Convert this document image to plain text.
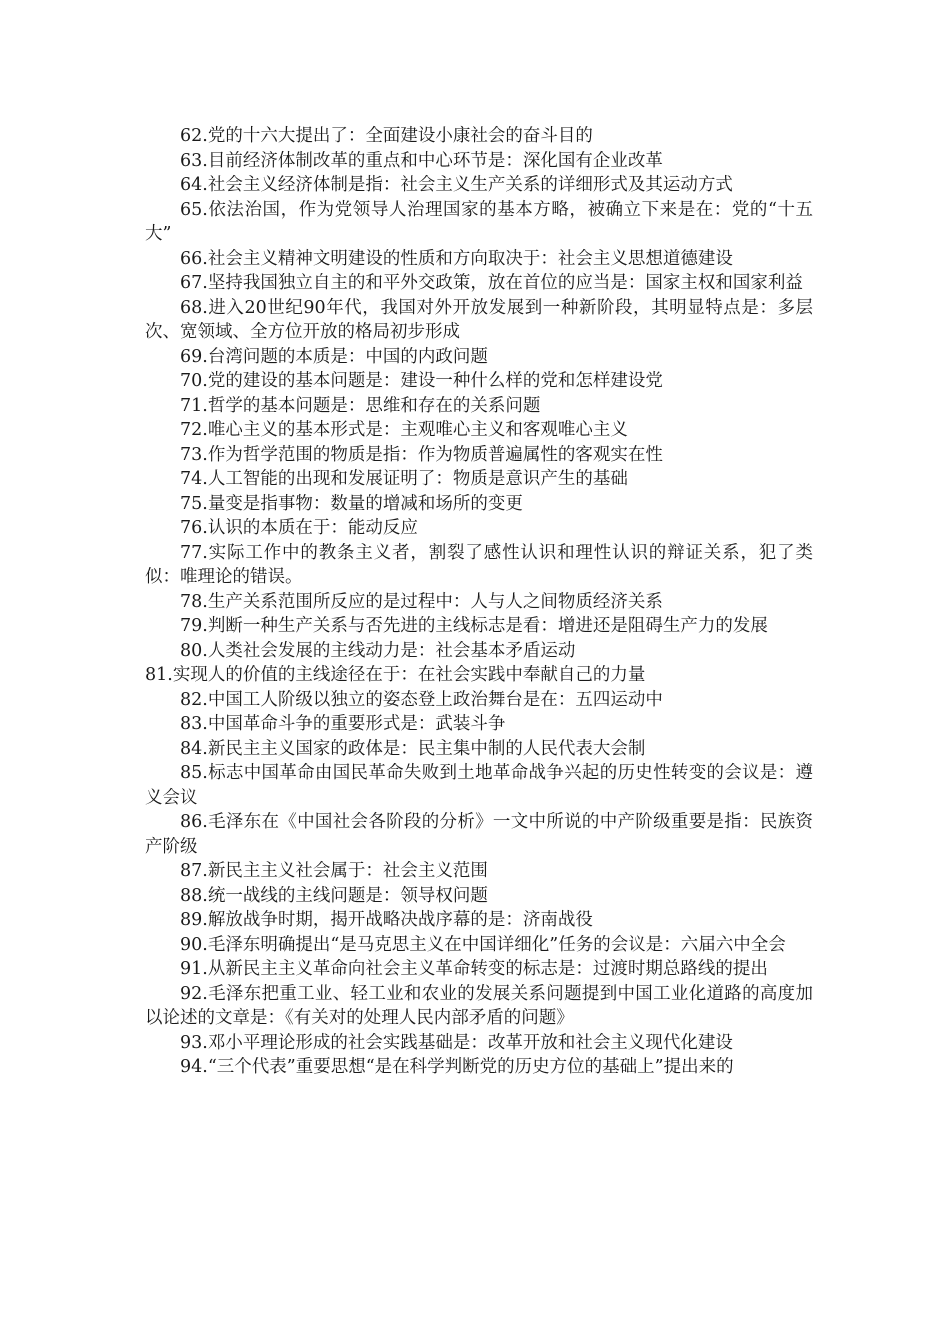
62.党的十六大提出了：全面建设小康社会的奋斗目的

63.目前经济体制改革的重点和中心环节是：深化国有企业改革

64.社会主义经济体制是指：社会主义生产关系的详细形式及其运动方式

65.依法治国，作为党领导人治理国家的基本方略，被确立下来是在：党的“十五大”

66.社会主义精神文明建设的性质和方向取决于：社会主义思想道德建设

67.坚持我国独立自主的和平外交政策，放在首位的应当是：国家主权和国家利益

68.进入20世纪90年代，我国对外开放发展到一种新阶段，其明显特点是：多层次、宽领域、全方位开放的格局初步形成

69.台湾问题的本质是：中国的内政问题

70.党的建设的基本问题是：建设一种什么样的党和怎样建设党

71.哲学的基本问题是：思维和存在的关系问题

72.唯心主义的基本形式是：主观唯心主义和客观唯心主义

73.作为哲学范围的物质是指：作为物质普遍属性的客观实在性

74.人工智能的出现和发展证明了：物质是意识产生的基础

75.量变是指事物：数量的增减和场所的变更

76.认识的本质在于：能动反应

77.实际工作中的教条主义者，割裂了感性认识和理性认识的辩证关系，犯了类似：唯理论的错误。

78.生产关系范围所反应的是过程中：人与人之间物质经济关系

79.判断一种生产关系与否先进的主线标志是看：增进还是阻碍生产力的发展

80.人类社会发展的主线动力是：社会基本矛盾运动

81.实现人的价值的主线途径在于：在社会实践中奉献自己的力量

82.中国工人阶级以独立的姿态登上政治舞台是在：五四运动中

83.中国革命斗争的重要形式是：武装斗争

84.新民主主义国家的政体是：民主集中制的人民代表大会制

85.标志中国革命由国民革命失败到土地革命战争兴起的历史性转变的会议是：遵义会议

86.毛泽东在《中国社会各阶段的分析》一文中所说的中产阶级重要是指：民族资产阶级

87.新民主主义社会属于：社会主义范围

88.统一战线的主线问题是：领导权问题

89.解放战争时期，揭开战略决战序幕的是：济南战役

90.毛泽东明确提出“是马克思主义在中国详细化”任务的会议是：六届六中全会

91.从新民主主义革命向社会主义革命转变的标志是：过渡时期总路线的提出

92.毛泽东把重工业、轻工业和农业的发展关系问题提到中国工业化道路的高度加以论述的文章是：《有关对的处理人民内部矛盾的问题》

93.邓小平理论形成的社会实践基础是：改革开放和社会主义现代化建设

94.“三个代表”重要思想“是在科学判断党的历史方位的基础上”提出来的
